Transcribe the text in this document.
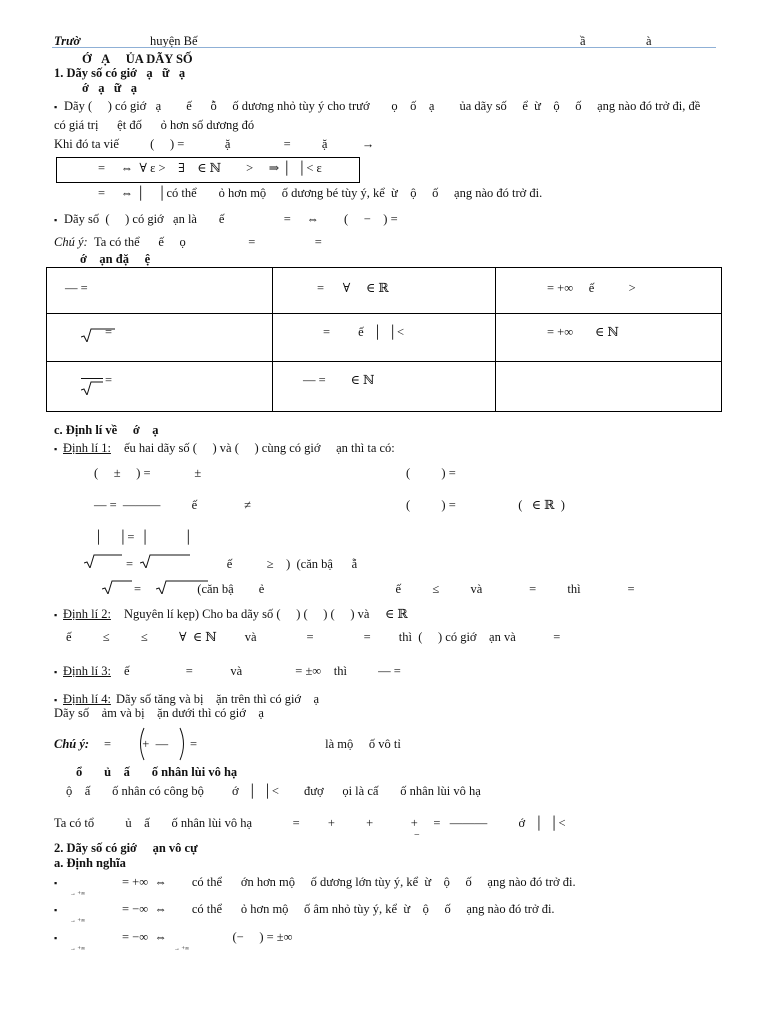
Trườ	huyện Bế	ầ	à
Ớ   Ạ     ỦA DÃY SỐ
1. Dãy số có giớ   ạ   ữ   ạ
ớ   ạ   ữ   ạ
▪ Dãy (     ) có giớ   ạ        ế      ỗ     ố dương nhỏ tùy ý cho trướ       ọ    ố    ạ        ủa dãy số     ể  ừ    ộ     ố     ạng nào đó trở đi, đề
có giá trị      ệt đố      ỏ hơn số dương đó
Khi đó ta viế          (     ) =             ặ                 =          ặ           →
=     ⇔  ∀ ε >    ∃    ∈ ℕ        >     ⇒ │  │< ε
=     ⇔ │    │có thể       ỏ hơn mộ     ố dương bé tùy ý, kể  ừ    ộ     ố     ạng nào đó trở đi.
▪ Dãy số  (     ) có giớ   ạn là       ế                   =     ⇔        (     −    ) =
Chú ý: Ta có thể      ế     ọ                    =                   =
ớ    ạn đặ     ệ
— =	=      ∀     ∈ ℝ	= +∞     ế           >
=	=         ế   │  │<	= +∞       ∈ ℕ
=	— =        ∈ ℕ
c. Định lí về     ớ    ạ
▪ Định lí 1: ếu hai dãy số (     ) và (     ) cùng có giớ     ạn thì ta có:
(     ±     ) =              ±	(          ) =
— =  ———          ế               ≠	(          ) =                    (   ∈ ℝ  )
│     │=  │           │
=                              ế           ≥    )  (căn bậ      ẵ
=                  (căn bậ        ẻ                                          ế          ≤          và               =          thì               =
▪ Định lí 2: Nguyên lí kẹp) Cho ba dãy số (     ) (     ) (     ) và     ∈ ℝ
ế          ≤          ≤          ∀  ∈ ℕ         và                =                =         thì  (     ) có giớ    ạn và            =
▪ Định lí 3: ế                  =            và                 = ±∞    thì          — =
▪ Định lí 4: Dãy số tăng và bị    ặn trên thì có giớ    ạ
Dãy số    ảm và bị    ặn dưới thì có giớ    ạ
Chú ý: =          +  —       =                                         là mộ     ố vô tỉ
ổ       ủ    ấ       ố nhân lùi vô hạ
ộ    ấ       ố nhân có công bộ         ớ   │  │<        đượ      ọi là cấ       ố nhân lùi vô hạ
Ta có tổ          ủ    ấ       ố nhân lùi vô hạ             =         +          +            +     =   ———          ớ   │  │<
−
2. Dãy số có giớ     ạn vô cự
a. Định nghĩa
▪	= +∞  ⇔        có thể      ớn hơn mộ     ố dương lớn tùy ý, kể  ừ    ộ     ố     ạng nào đó trở đi.
→ +∞
▪	= −∞  ⇔        có thể      ỏ hơn mộ     ố âm nhỏ tùy ý, kể  ừ    ộ     ố     ạng nào đó trở đi.
→ +∞
▪	= −∞  ⇔                     (−     ) = ±∞
→ +∞	→ +∞
